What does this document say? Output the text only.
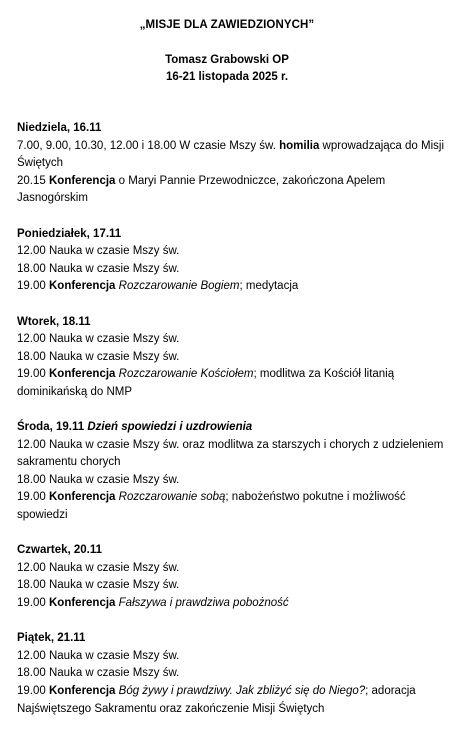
„MISJE DLA ZAWIEDZIONYCH”
Tomasz Grabowski OP
16-21 listopada 2025 r.
Niedziela, 16.11
7.00, 9.00, 10.30, 12.00 i 18.00 W czasie Mszy św. homilia wprowadzająca do Misji Świętych
20.15 Konferencja o Maryi Pannie Przewodniczce, zakończona Apelem Jasnogórskim
Poniedziałek, 17.11
12.00 Nauka w czasie Mszy św.
18.00 Nauka w czasie Mszy św.
19.00 Konferencja Rozczarowanie Bogiem; medytacja
Wtorek, 18.11
12.00 Nauka w czasie Mszy św.
18.00 Nauka w czasie Mszy św.
19.00 Konferencja Rozczarowanie Kościołem; modlitwa za Kościół litanią dominikańską do NMP
Środa, 19.11 Dzień spowiedzi i uzdrowienia
12.00 Nauka w czasie Mszy św. oraz modlitwa za starszych i chorych z udzieleniem sakramentu chorych
18.00 Nauka w czasie Mszy św.
19.00 Konferencja Rozczarowanie sobą; nabożeństwo pokutne i możliwość spowiedzi
Czwartek, 20.11
12.00 Nauka w czasie Mszy św.
18.00 Nauka w czasie Mszy św.
19.00 Konferencja Fałszywa i prawdziwa pobożność
Piątek, 21.11
12.00 Nauka w czasie Mszy św.
18.00 Nauka w czasie Mszy św.
19.00 Konferencja Bóg żywy i prawdziwy. Jak zbliżyć się do Niego?; adoracja Najświętszego Sakramentu oraz zakończenie Misji Świętych
